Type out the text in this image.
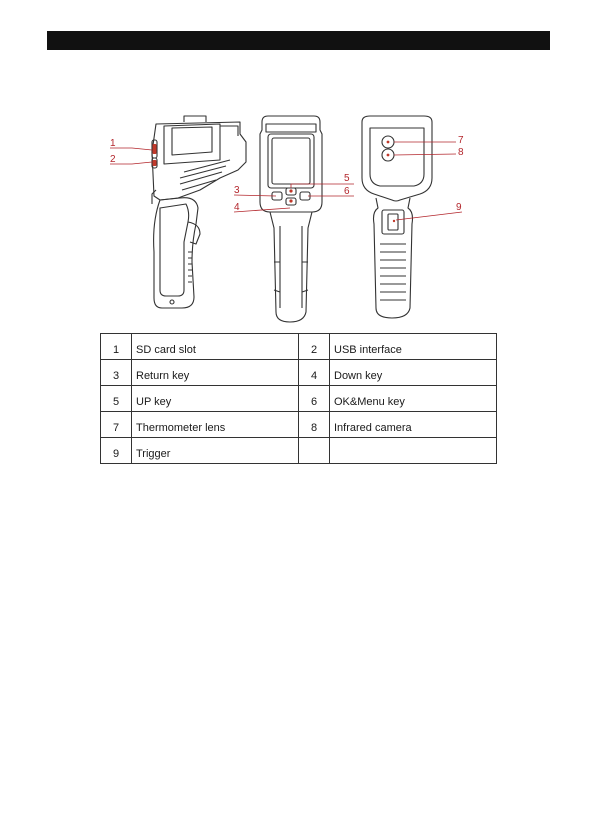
1
2
3
4
5
6
7
8
9
1	SD card slot	2	USB interface
3	Return key	4	Down key
5	UP key	6	OK&Menu key
7	Thermometer lens	8	Infrared camera
9	Trigger		
